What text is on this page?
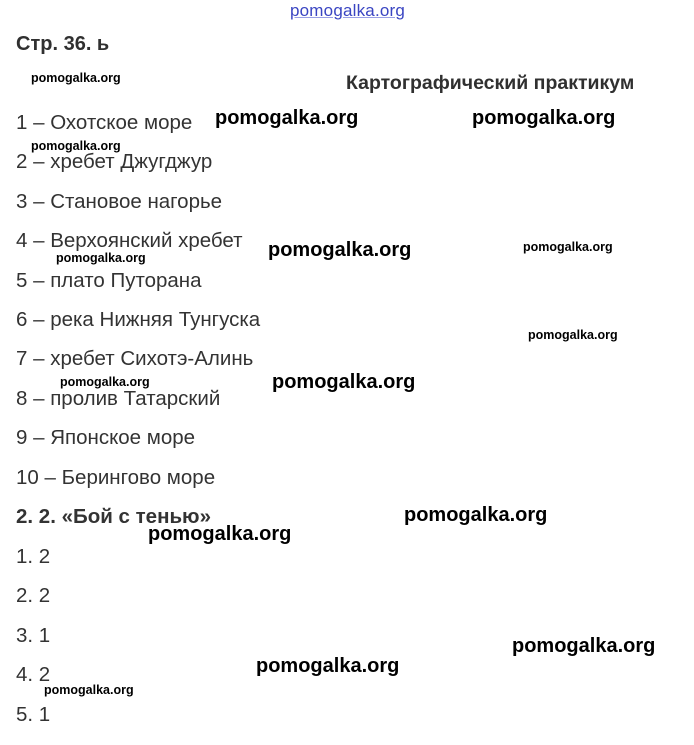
pomogalka.org
Стр. 36. ь
Картографический практикум
1 – Охотское море
2 – хребет Джугджур
3 – Становое нагорье
4 – Верхоянский хребет
5 – плато Путорана
6 – река Нижняя Тунгуска
7 – хребет Сихотэ-Алинь
8 – пролив Татарский
9 – Японское море
10 – Берингово море
2. 2. «Бой с тенью»
1. 2
2. 2
3. 1
4. 2
5. 1
pomogalka.org
pomogalka.org	pomogalka.org
pomogalka.org
pomogalka.org	pomogalka.org
pomogalka.org
pomogalka.org
pomogalka.org	pomogalka.org
pomogalka.org
pomogalka.org
pomogalka.org
pomogalka.org
pomogalka.org
